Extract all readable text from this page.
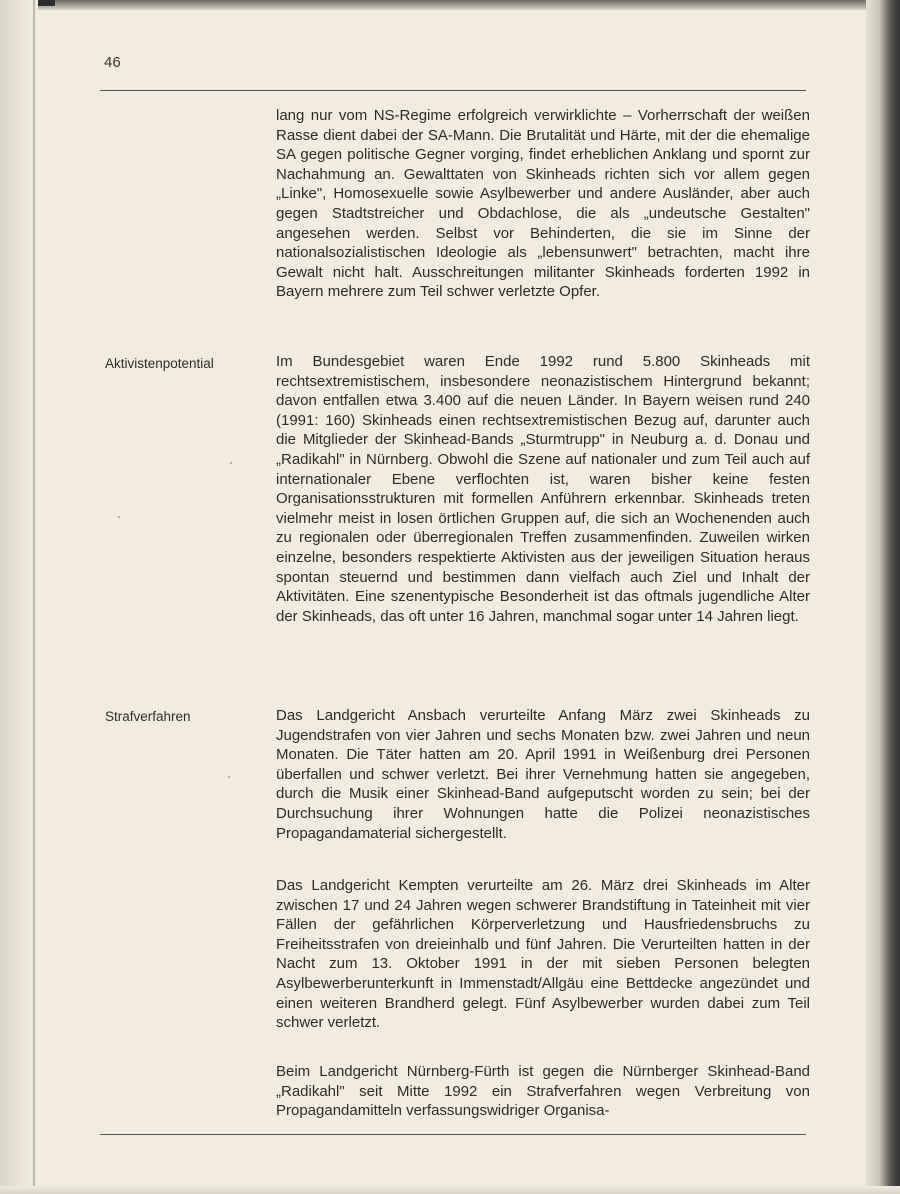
46

lang nur vom NS-Regime erfolgreich verwirklichte – Vorherrschaft der weißen Rasse dient dabei der SA-Mann. Die Brutalität und Härte, mit der die ehemalige SA gegen politische Gegner vorging, findet erheblichen Anklang und spornt zur Nachahmung an. Gewalttaten von Skinheads richten sich vor allem gegen „Linke", Homosexuelle sowie Asylbewerber und andere Ausländer, aber auch gegen Stadtstreicher und Obdachlose, die als „undeutsche Gestalten" angesehen werden. Selbst vor Behinderten, die sie im Sinne der nationalsozialistischen Ideologie als „lebensunwert" betrachten, macht ihre Gewalt nicht halt. Ausschreitungen militanter Skinheads forderten 1992 in Bayern mehrere zum Teil schwer verletzte Opfer.

Aktivistenpotential	Im Bundesgebiet waren Ende 1992 rund 5.800 Skinheads mit rechtsextremistischem, insbesondere neonazistischem Hintergrund bekannt; davon entfallen etwa 3.400 auf die neuen Länder. In Bayern weisen rund 240 (1991: 160) Skinheads einen rechtsextremistischen Bezug auf, darunter auch die Mitglieder der Skinhead-Bands „Sturmtrupp" in Neuburg a. d. Donau und „Radikahl" in Nürnberg. Obwohl die Szene auf nationaler und zum Teil auch auf internationaler Ebene verflochten ist, waren bisher keine festen Organisationsstrukturen mit formellen Anführern erkennbar. Skinheads treten vielmehr meist in losen örtlichen Gruppen auf, die sich an Wochenenden auch zu regionalen oder überregionalen Treffen zusammenfinden. Zuweilen wirken einzelne, besonders respektierte Aktivisten aus der jeweiligen Situation heraus spontan steuernd und bestimmen dann vielfach auch Ziel und Inhalt der Aktivitäten. Eine szenentypische Besonderheit ist das oftmals jugendliche Alter der Skinheads, das oft unter 16 Jahren, manchmal sogar unter 14 Jahren liegt.

Strafverfahren	Das Landgericht Ansbach verurteilte Anfang März zwei Skinheads zu Jugendstrafen von vier Jahren und sechs Monaten bzw. zwei Jahren und neun Monaten. Die Täter hatten am 20. April 1991 in Weißenburg drei Personen überfallen und schwer verletzt. Bei ihrer Vernehmung hatten sie angegeben, durch die Musik einer Skinhead-Band aufgeputscht worden zu sein; bei der Durchsuchung ihrer Wohnungen hatte die Polizei neonazistisches Propagandamaterial sichergestellt.

Das Landgericht Kempten verurteilte am 26. März drei Skinheads im Alter zwischen 17 und 24 Jahren wegen schwerer Brandstiftung in Tateinheit mit vier Fällen der gefährlichen Körperverletzung und Hausfriedensbruchs zu Freiheitsstrafen von dreieinhalb und fünf Jahren. Die Verurteilten hatten in der Nacht zum 13. Oktober 1991 in der mit sieben Personen belegten Asylbewerberunterkunft in Immenstadt/Allgäu eine Bettdecke angezündet und einen weiteren Brandherd gelegt. Fünf Asylbewerber wurden dabei zum Teil schwer verletzt.

Beim Landgericht Nürnberg-Fürth ist gegen die Nürnberger Skinhead-Band „Radikahl" seit Mitte 1992 ein Strafverfahren wegen Verbreitung von Propagandamitteln verfassungswidriger Organisa-
